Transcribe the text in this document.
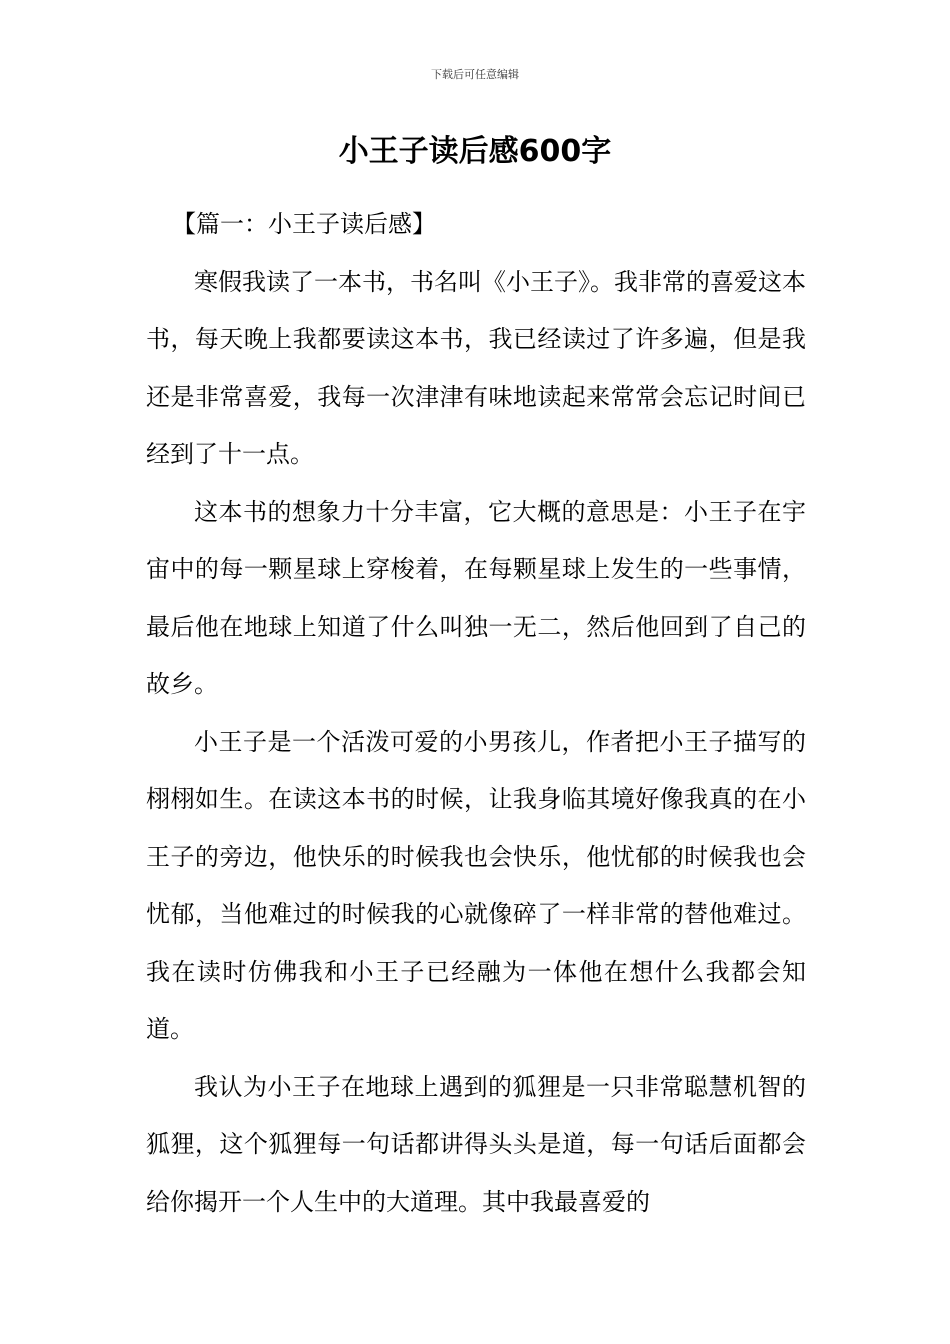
下载后可任意编辑
小王子读后感600字
【篇一：小王子读后感】

寒假我读了一本书，书名叫《小王子》。我非常的喜爱这本书，每天晚上我都要读这本书，我已经读过了许多遍，但是我还是非常喜爱，我每一次津津有味地读起来常常会忘记时间已经到了十一点。

这本书的想象力十分丰富，它大概的意思是：小王子在宇宙中的每一颗星球上穿梭着，在每颗星球上发生的一些事情，最后他在地球上知道了什么叫独一无二，然后他回到了自己的故乡。

小王子是一个活泼可爱的小男孩儿，作者把小王子描写的栩栩如生。在读这本书的时候，让我身临其境好像我真的在小王子的旁边，他快乐的时候我也会快乐，他忧郁的时候我也会忧郁，当他难过的时候我的心就像碎了一样非常的替他难过。我在读时仿佛我和小王子已经融为一体他在想什么我都会知道。

我认为小王子在地球上遇到的狐狸是一只非常聪慧机智的狐狸，这个狐狸每一句话都讲得头头是道，每一句话后面都会给你揭开一个人生中的大道理。其中我最喜爱的
